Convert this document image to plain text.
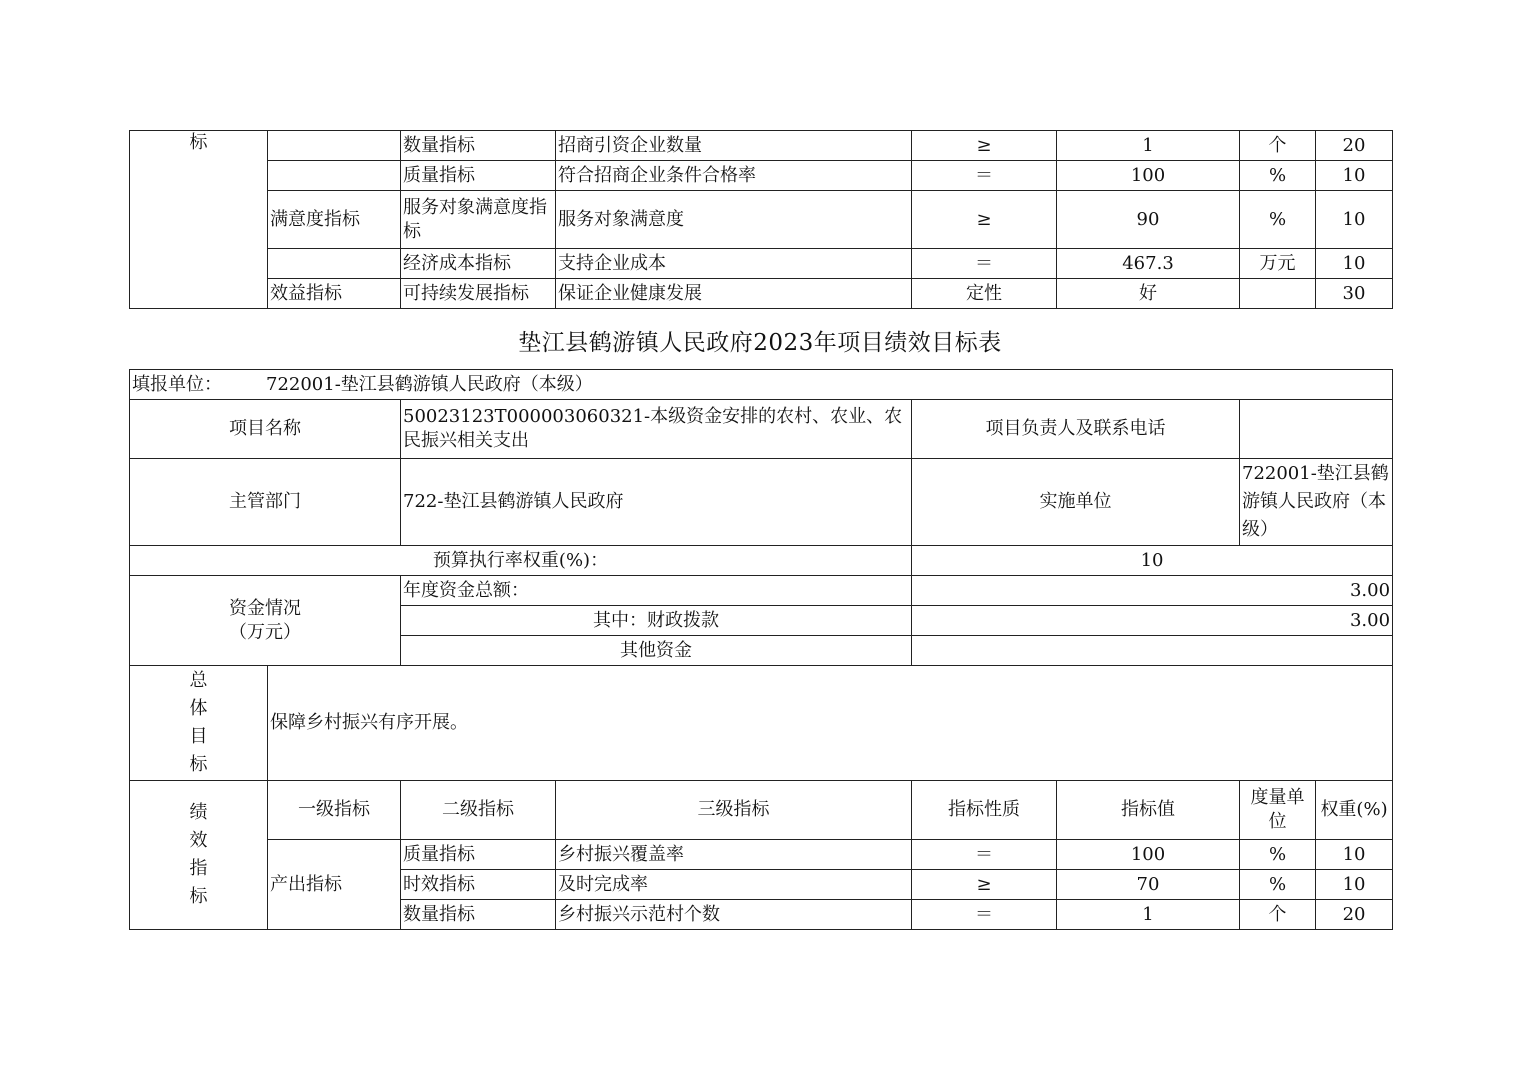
标		数量指标	招商引资企业数量	≥	1	个	20
		质量指标	符合招商企业条件合格率	＝	100	%	10
	满意度指标	服务对象满意度指标	服务对象满意度	≥	90	%	10
		经济成本指标	支持企业成本	＝	467.3	万元	10
	效益指标	可持续发展指标	保证企业健康发展	定性	好		30
垫江县鹤游镇人民政府2023年项目绩效目标表
填报单位： 722001-垫江县鹤游镇人民政府（本级）							
项目名称		50023123T000003060321-本级资金安排的农村、农业、农民振兴相关支出		项目负责人及联系电话			
主管部门		722-垫江县鹤游镇人民政府		实施单位		722001-垫江县鹤游镇人民政府（本级）	
预算执行率权重(%)：				10			

资金情况
（万元）		年度资金总额：		3.00			
		其中：财政拨款		3.00			
		其他资金					

总
体
目
标	保障乡村振兴有序开展。						

绩
效
指
标	一级指标	二级指标	三级指标	指标性质	指标值	度量单位	权重(%)
	产出指标	质量指标	乡村振兴覆盖率	＝	100	%	10
		时效指标	及时完成率	≥	70	%	10
		数量指标	乡村振兴示范村个数	＝	1	个	20
